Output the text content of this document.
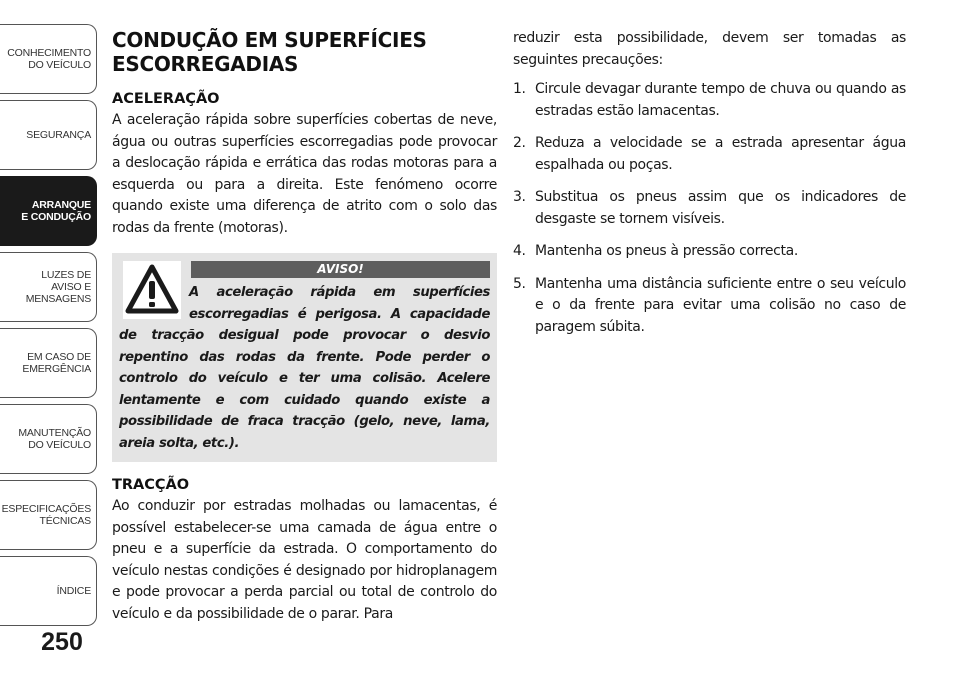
CONHECIMENTO
DO VEÍCULO
SEGURANÇA
ARRANQUE
E CONDUÇÃO
LUZES DE
AVISO E
MENSAGENS
EM CASO DE
EMERGÊNCIA
MANUTENÇÃO
DO VEÍCULO
ESPECIFICAÇÕES
TÉCNICAS
ÍNDICE
250
CONDUÇÃO EM SUPERFÍCIES
ESCORREGADIAS
ACELERAÇÃO

A aceleração rápida sobre superfícies cobertas de neve, água ou outras superfícies escorregadias pode provocar a deslocação rápida e errática das rodas motoras para a esquerda ou para a direita. Este fenómeno ocorre quando existe uma diferença de atrito com o solo das rodas da frente (motoras).

AVISO!

A aceleração rápida em superfícies escorregadias é perigosa. A capacidade de tracção desigual pode provocar o desvio repentino das rodas da frente. Pode perder o controlo do veículo e ter uma colisão. Acelere lentamente e com cuidado quando existe a possibilidade de fraca tracção (gelo, neve, lama, areia solta, etc.).

TRACÇÃO

Ao conduzir por estradas molhadas ou lamacentas, é possível estabelecer-se uma camada de água entre o pneu e a superfície da estrada. O comportamento do veículo nestas condições é designado por hidroplanagem e pode provocar a perda parcial ou total de controlo do veículo e da possibilidade de o parar. Para

reduzir esta possibilidade, devem ser tomadas as seguintes precauções:

1. Circule devagar durante tempo de chuva ou quando as estradas estão lamacentas.
2. Reduza a velocidade se a estrada apresentar água espalhada ou poças.
3. Substitua os pneus assim que os indicadores de desgaste se tornem visíveis.
4. Mantenha os pneus à pressão correcta.
5. Mantenha uma distância suficiente entre o seu veículo e o da frente para evitar uma colisão no caso de paragem súbita.
